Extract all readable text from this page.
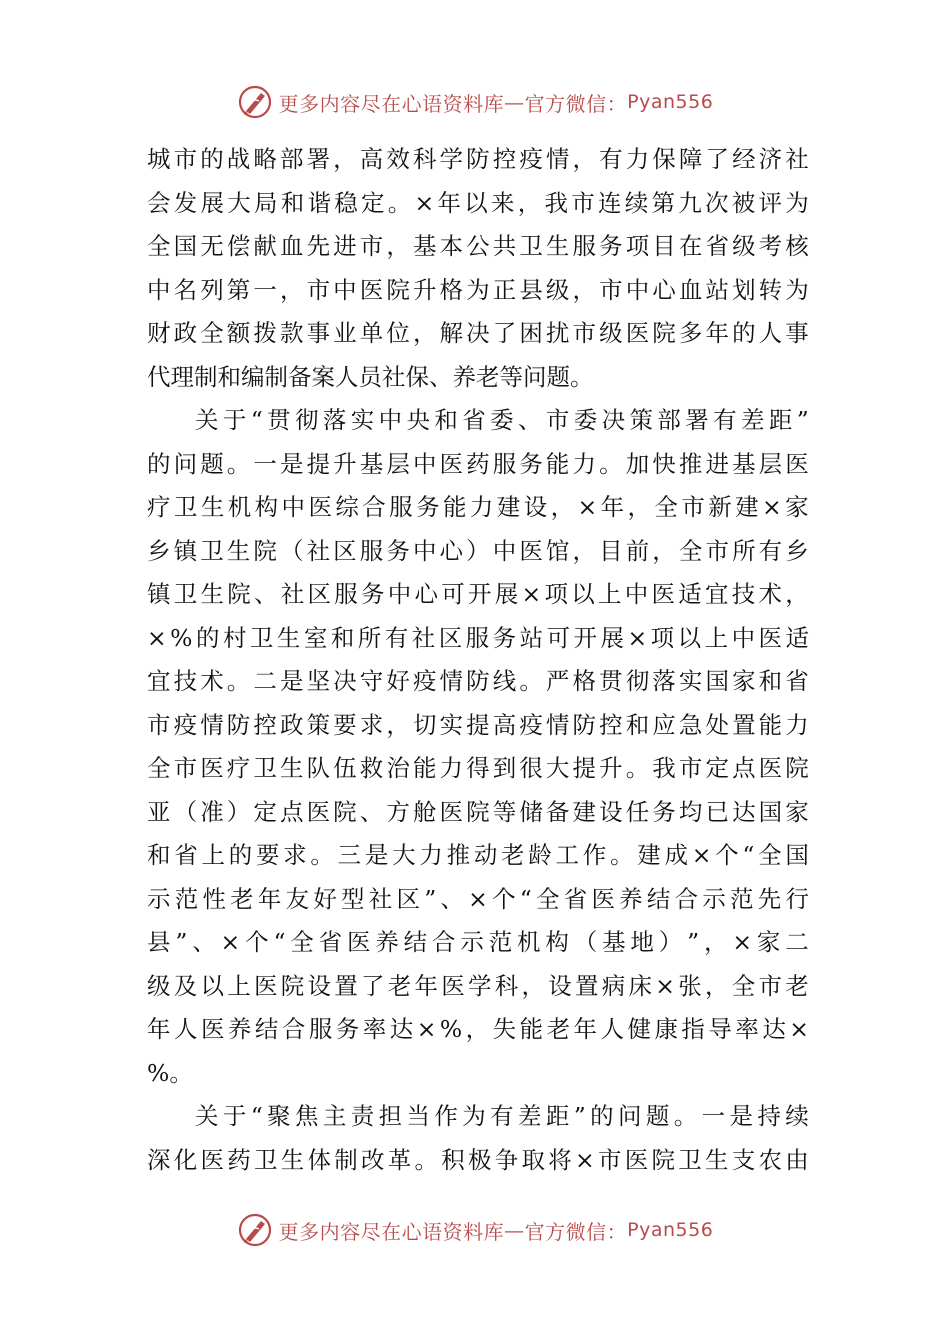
更多内容尽在心语资料库 — 官方微信： Pyan556
城 市 的 战 略 部 署 ， 高 效 科 学 防 控 疫 情 ， 有 力 保 障 了 经 济 社
会 发 展 大 局 和 谐 稳 定 。 × 年 以 来 ， 我 市 连 续 第 九 次 被 评 为
全 国 无 偿 献 血 先 进 市 ， 基 本 公 共 卫 生 服 务 项 目 在 省 级 考 核
中 名 列 第 一 ， 市 中 医 院 升 格 为 正 县 级 ， 市 中 心 血 站 划 转 为
财 政 全 额 拨 款 事 业 单 位 ， 解 决 了 困 扰 市 级 医 院 多 年 的 人 事
代 理 制 和 编 制 备 案 人 员 社 保 、 养 老 等 问 题 。
关 于 “ 贯 彻 落 实 中 央 和 省 委 、 市 委 决 策 部 署 有 差 距 ”
的 问 题 。 一 是 提 升 基 层 中 医 药 服 务 能 力 。 加 快 推 进 基 层 医
疗 卫 生 机 构 中 医 综 合 服 务 能 力 建 设 ， × 年 ， 全 市 新 建 × 家
乡 镇 卫 生 院 （ 社 区 服 务 中 心 ） 中 医 馆 ， 目 前 ， 全 市 所 有 乡
镇 卫 生 院 、 社 区 服 务 中 心 可 开 展 × 项 以 上 中 医 适 宜 技 术 ，
× % 的 村 卫 生 室 和 所 有 社 区 服 务 站 可 开 展 × 项 以 上 中 医 适
宜 技 术 。 二 是 坚 决 守 好 疫 情 防 线 。 严 格 贯 彻 落 实 国 家 和 省
市 疫 情 防 控 政 策 要 求 ， 切 实 提 高 疫 情 防 控 和 应 急 处 置 能 力
全 市 医 疗 卫 生 队 伍 救 治 能 力 得 到 很 大 提 升 。 我 市 定 点 医 院
亚 （ 准 ） 定 点 医 院 、 方 舱 医 院 等 储 备 建 设 任 务 均 已 达 国 家
和 省 上 的 要 求 。 三 是 大 力 推 动 老 龄 工 作 。 建 成 × 个 “ 全 国
示 范 性 老 年 友 好 型 社 区 ” 、 × 个 “ 全 省 医 养 结 合 示 范 先 行
县 ” 、 × 个 “ 全 省 医 养 结 合 示 范 机 构 （ 基 地 ） ” ， × 家 二
级 及 以 上 医 院 设 置 了 老 年 医 学 科 ， 设 置 病 床 × 张 ， 全 市 老
年 人 医 养 结 合 服 务 率 达 × % ， 失 能 老 年 人 健 康 指 导 率 达 ×
% 。
关 于 “ 聚 焦 主 责 担 当 作 为 有 差 距 ” 的 问 题 。 一 是 持 续
深 化 医 药 卫 生 体 制 改 革 。 积 极 争 取 将 × 市 医 院 卫 生 支 农 由
更多内容尽在心语资料库 — 官方微信： Pyan556
